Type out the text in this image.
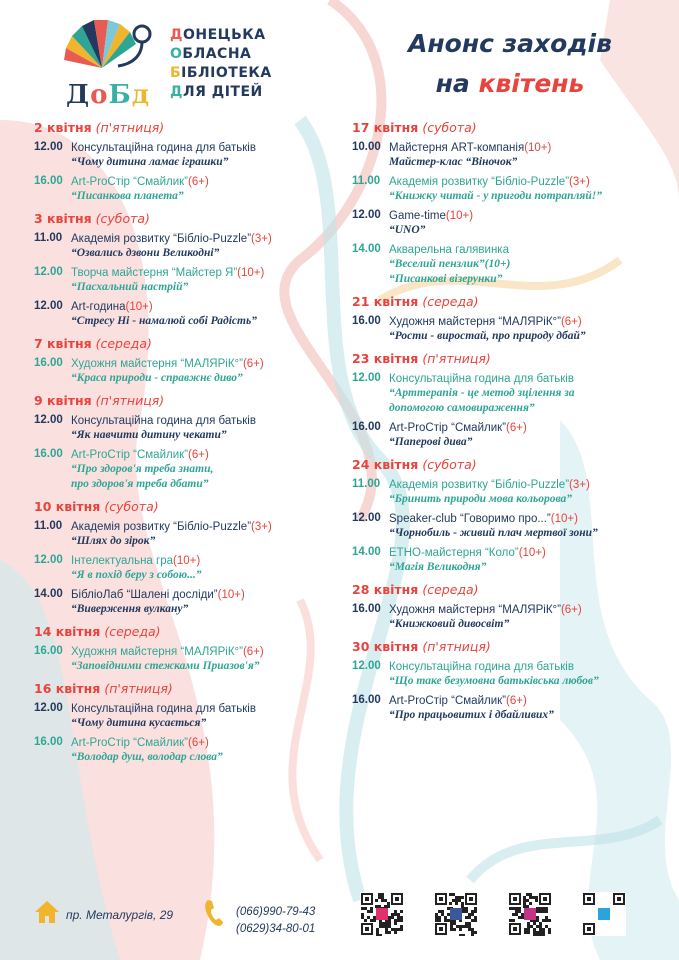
ДоБд
ДОНЕЦЬКА
ОБЛАСНА
БІБЛІОТЕКА
ДЛЯ ДІТЕЙ
Анонс заходів
на квітень
2 квітня (п'ятниця)
12.00 Консультаційна година для батьків
“Чому дитина ламає іграшки”
16.00 Art-ProСтір “Смайлик”(6+)
“Писанкова планета”
3 квітня (субота)
11.00 Академія розвитку “Бібліо-Puzzle”(3+)
“Озвались дзвони Великодні”
12.00 Творча майстерня “Майстер Я”(10+)
“Пасхальний настрій”
12.00 Art-година(10+)
“Стресу Ні - намалюй собі Радість”
7 квітня (середа)
16.00 Художня майстерня “МАЛЯРіК°”(6+)
“Краса природи - справжнє диво”
9 квітня (п'ятниця)
12.00 Консультаційна година для батьків
“Як навчити дитину чекати”
16.00 Art-ProСтір “Смайлик”(6+)
“Про здоров'я треба знати,
про здоров'я треба дбати”
10 квітня (субота)
11.00 Академія розвитку “Бібліо-Puzzle”(3+)
“Шлях до зірок”
12.00 Інтелектуальна гра(10+)
“Я в похід беру з собою...”
14.00 БібліоЛаб “Шалені досліди”(10+)
“Виверження вулкану”
14 квітня (середа)
16.00 Художня майстерня “МАЛЯРіК°”(6+)
“Заповідними стежками Приазов'я”
16 квітня (п'ятниця)
12.00 Консультаційна година для батьків
“Чому дитина кусається”
16.00 Art-ProСтір “Смайлик”(6+)
“Володар душ, володар слова”
17 квітня (субота)
10.00 Майстерня ART-компанія(10+)
Майстер-клас “Віночок”
11.00 Академія розвитку “Бібліо-Puzzle”(3+)
“Книжку читай - у пригоди потрапляй!”
12.00 Game-time(10+)
“UNO”
14.00 Акварельна галявинка
“Веселий пензлик”(10+)
“Писанкові візерунки”
21 квітня (середа)
16.00 Художня майстерня “МАЛЯРіК°”(6+)
“Рости - виростай, про природу дбай”
23 квітня (п'ятниця)
12.00 Консультаційна година для батьків
“Арттерапія - це метод зцілення за
допомогою самовираження”
16.00 Art-ProСтір “Смайлик”(6+)
“Паперові дива”
24 квітня (субота)
11.00 Академія розвитку “Бібліо-Puzzle”(3+)
“Бринить природи мова кольорова”
12.00 Speaker-club “Говоримо про...”(10+)
“Чорнобиль - живий плач мертвої зони”
14.00 ЕТНО-майстерня “Коло”(10+)
“Магія Великодня”
28 квітня (середа)
16.00 Художня майстерня “МАЛЯРіК°”(6+)
“Книжковий дивосвіт”
30 квітня (п'ятниця)
12.00 Консультаційна година для батьків
“Що таке безумовна батьківська любов”
16.00 Art-ProСтір “Смайлик”(6+)
“Про працьовитих і дбайливих”
пр. Металургів, 29	(066)990-79-43
(0629)34-80-01
